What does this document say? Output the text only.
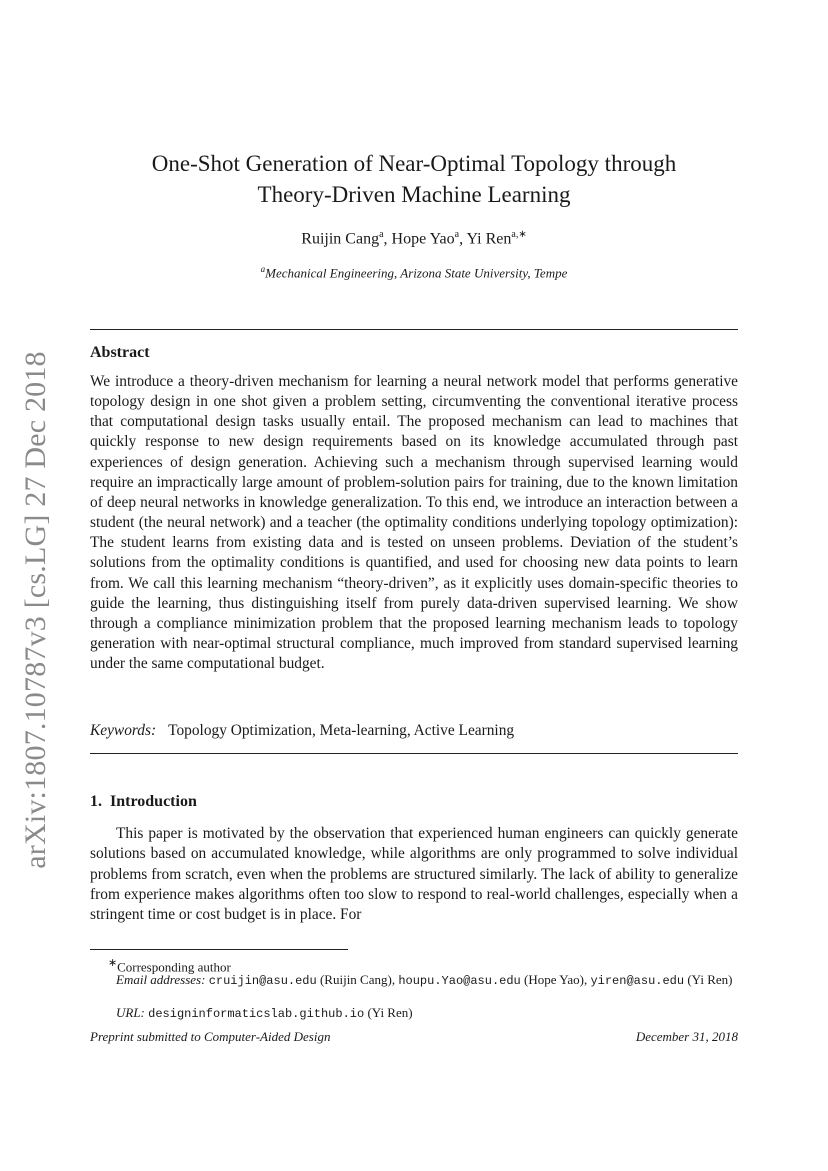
arXiv:1807.10787v3 [cs.LG] 27 Dec 2018
One-Shot Generation of Near-Optimal Topology through
Theory-Driven Machine Learning
Ruijin Cang$^a$, Hope Yao$^a$, Yi Ren$^{a,∗}$
$^a$Mechanical Engineering, Arizona State University, Tempe
Abstract

We introduce a theory-driven mechanism for learning a neural network model that performs generative topology design in one shot given a problem setting, circumventing the conventional iterative process that computational design tasks usually entail. The proposed mechanism can lead to machines that quickly response to new design requirements based on its knowledge accumulated through past experiences of design generation. Achieving such a mechanism through supervised learning would require an impractically large amount of problem-solution pairs for training, due to the known limitation of deep neural networks in knowledge generalization. To this end, we introduce an interaction between a student (the neural network) and a teacher (the optimality conditions underlying topology optimization): The student learns from existing data and is tested on unseen problems. Deviation of the student’s solutions from the optimality conditions is quantified, and used for choosing new data points to learn from. We call this learning mechanism “theory-driven”, as it explicitly uses domain-specific theories to guide the learning, thus distinguishing itself from purely data-driven supervised learning. We show through a compliance minimization problem that the proposed learning mechanism leads to topology generation with near-optimal structural compliance, much improved from standard supervised learning under the same computational budget.

Keywords: Topology Optimization, Meta-learning, Active Learning
1. Introduction

This paper is motivated by the observation that experienced human engineers can quickly generate solutions based on accumulated knowledge, while algorithms are only programmed to solve individual problems from scratch, even when the problems are structured similarly. The lack of ability to generalize from experience makes algorithms often too slow to respond to real-world challenges, especially when a stringent time or cost budget is in place. For

∗Corresponding author
Email addresses: cruijin@asu.edu (Ruijin Cang), houpu.Yao@asu.edu (Hope Yao), yiren@asu.edu (Yi Ren)
URL: designinformaticslab.github.io (Yi Ren)
Preprint submitted to Computer-Aided Design	December 31, 2018
